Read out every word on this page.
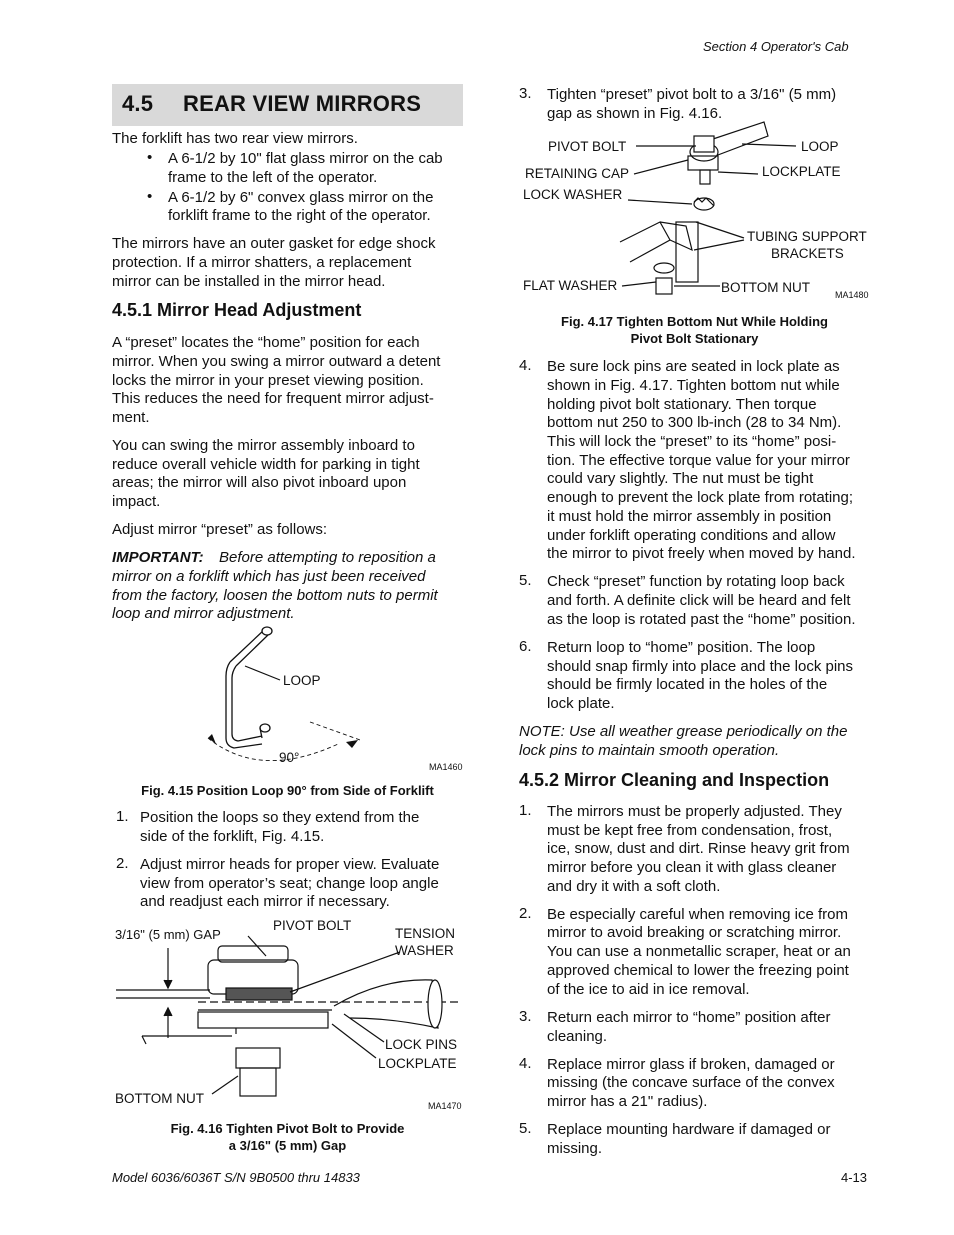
Section 4 Operator's Cab
4.5 REAR VIEW MIRRORS
The forklift has two rear view mirrors.
• A 6-1/2 by 10" flat glass mirror on the cab
frame to the left of the operator.
• A 6-1/2 by 6" convex glass mirror on the
forklift frame to the right of the operator.
The mirrors have an outer gasket for edge shock
protection. If a mirror shatters, a replacement
mirror can be installed in the mirror head.
4.5.1 Mirror Head Adjustment
A “preset” locates the “home” position for each
mirror. When you swing a mirror outward a detent
locks the mirror in your preset viewing position.
This reduces the need for frequent mirror adjust-
ment.
You can swing the mirror assembly inboard to
reduce overall vehicle width for parking in tight
areas; the mirror will also pivot inboard upon
impact.
Adjust mirror “preset” as follows:
IMPORTANT: Before attempting to reposition a
mirror on a forklift which has just been received
from the factory, loosen the bottom nuts to permit
loop and mirror adjustment.
LOOP
90°
MA1460
Fig. 4.15 Position Loop 90° from Side of Forklift
1. Position the loops so they extend from the
side of the forklift, Fig. 4.15.
2. Adjust mirror heads for proper view. Evaluate
view from operator’s seat; change loop angle
and readjust each mirror if necessary.
3/16" (5 mm) GAP
PIVOT BOLT
TENSION
WASHER
LOCK PINS
LOCKPLATE
BOTTOM NUT	MA1470
Fig. 4.16 Tighten Pivot Bolt to Provide
a 3/16" (5 mm) Gap
3. Tighten “preset” pivot bolt to a 3/16" (5 mm)
gap as shown in Fig. 4.16.
PIVOT BOLT	LOOP
RETAINING CAP	LOCKPLATE
LOCK WASHER
TUBING SUPPORT
BRACKETS
FLAT WASHER	BOTTOM NUT	MA1480
Fig. 4.17 Tighten Bottom Nut While Holding
Pivot Bolt Stationary
4. Be sure lock pins are seated in lock plate as
shown in Fig. 4.17. Tighten bottom nut while
holding pivot bolt stationary. Then torque
bottom nut 250 to 300 lb-inch (28 to 34 Nm).
This will lock the “preset” to its “home” posi-
tion. The effective torque value for your mirror
could vary slightly. The nut must be tight
enough to prevent the lock plate from rotating;
it must hold the mirror assembly in position
under forklift operating conditions and allow
the mirror to pivot freely when moved by hand.
5. Check “preset” function by rotating loop back
and forth. A definite click will be heard and felt
as the loop is rotated past the “home” position.
6. Return loop to “home” position. The loop
should snap firmly into place and the lock pins
should be firmly located in the holes of the
lock plate.
NOTE: Use all weather grease periodically on the
lock pins to maintain smooth operation.
4.5.2 Mirror Cleaning and Inspection
1. The mirrors must be properly adjusted. They
must be kept free from condensation, frost,
ice, snow, dust and dirt. Rinse heavy grit from
mirror before you clean it with glass cleaner
and dry it with a soft cloth.
2. Be especially careful when removing ice from
mirror to avoid breaking or scratching mirror.
You can use a nonmetallic scraper, heat or an
approved chemical to lower the freezing point
of the ice to aid in ice removal.
3. Return each mirror to “home” position after
cleaning.
4. Replace mirror glass if broken, damaged or
missing (the concave surface of the convex
mirror has a 21" radius).
5. Replace mounting hardware if damaged or
missing.
Model 6036/6036T S/N 9B0500 thru 14833	4-13
